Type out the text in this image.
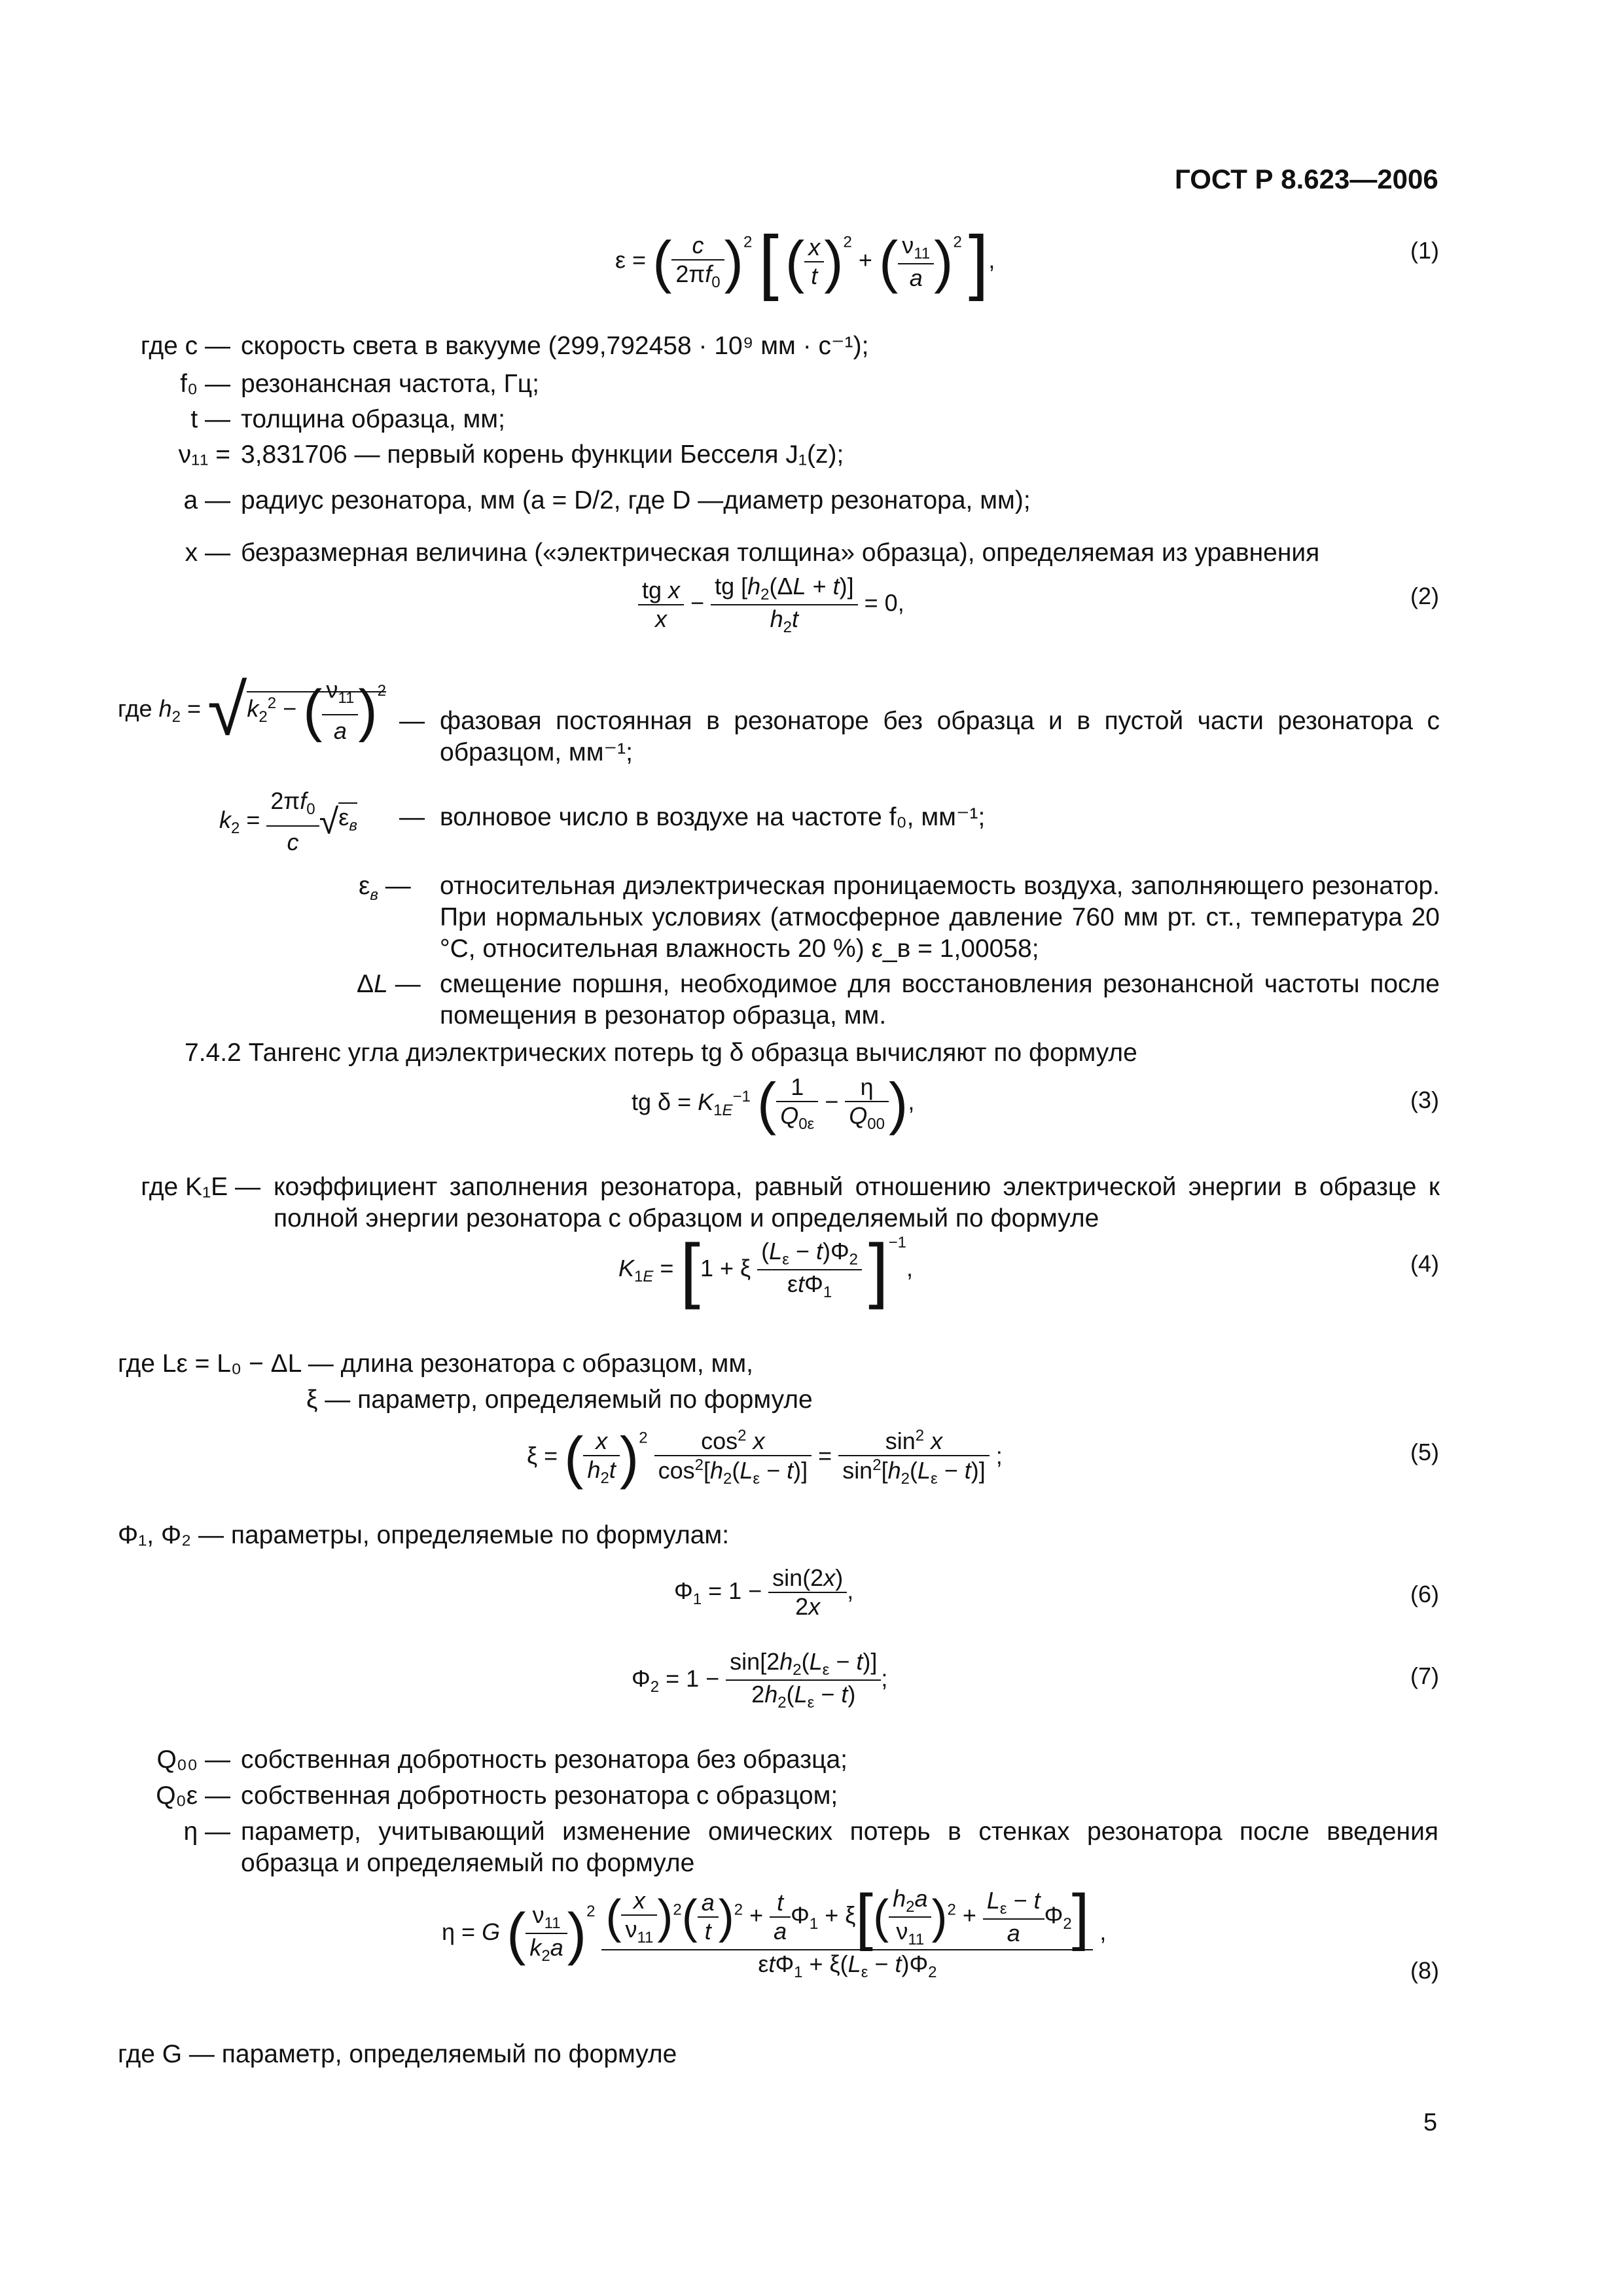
ГОСТ Р 8.623—2006
ε = ( $\frac{c}{2\pi f_0} )^2$ [ ( $\frac{x}{t} )^2$ + ( $\frac{\nu_{11}}{a} )^2$ ],	(1)
где c — скорость света в вакууме (299,792458 · 10⁹ мм · с⁻¹);
f₀ — резонансная частота, Гц;
t — толщина образца, мм;
ν₁₁ = 3,831706 — первый корень функции Бесселя J₁(z);
a — радиус резонатора, мм (a = D/2, где D —диаметр резонатора, мм);
x — безразмерная величина («электрическая толщина» образца), определяемая из уравнения
$\frac{\text{tg x}}{x} - \frac{tg [h_2(\Delta L + t)]}{h_2t} = 0$,	(2)
где $h_2 = √k_2^2$ − ( $\frac{\nu_{11}}{a} )^2$
— фазовая постоянная в резонаторе без образца и в пустой части резонатора с образцом, мм⁻¹;
$k_2 = \frac{2\pi f_0}{c} √\varepsilon_в$ — волновое число в воздухе на частоте f₀, мм⁻¹;
$\varepsilon_в$ — относительная диэлектрическая проницаемость воздуха, заполняющего резонатор. При нормальных условиях (атмосферное давление 760 мм рт. ст., температура 20 °С, относительная влажность 20 %) ε_в = 1,00058;
ΔL — смещение поршня, необходимое для восстановления резонансной частоты после помещения в резонатор образца, мм.
7.4.2 Тангенс угла диэлектрических потерь tg δ образца вычисляют по формуле
tg $\delta = K_{1E}^{-1}$ ( $\frac{1}{Q_{0\varepsilon}} - \frac{\eta}{Q_{00}}$ ),	(3)
где K₁E — коэффициент заполнения резонатора, равный отношению электрической энергии в образце к полной энергии резонатора с образцом и определяемый по формуле
$K_{1E} = [1 + \xi \frac{(L_\varepsilon - t)\Phi_2}{\varepsilon t\Phi_1} ]^{-1}$,	(4)
где Lε = L₀ − ΔL — длина резонатора с образцом, мм,
ξ — параметр, определяемый по формуле
ξ = ( $\frac{x}{h_2t} )^2 \frac{\cos^2 x}{\cos^2[h_2(L_\varepsilon - t)]} = \frac{\sin^2 x}{\sin^2[h_2(L_\varepsilon - t)]}$ ;	(5)
Φ₁, Φ₂ — параметры, определяемые по формулам:
$\Phi_1 = 1 - \frac{\sin(2x)}{2x}$ ,	(6)
$\Phi_2 = 1 - \frac{\sin[2h_2(L_\varepsilon - t)]}{2h_2(L_\varepsilon - t)}$ ;	(7)
Q₀₀ — собственная добротность резонатора без образца;
Q₀ε — собственная добротность резонатора с образцом;
η — параметр, учитывающий изменение омических потерь в стенках резонатора после введения образца и определяемый по формуле
η = G ( $\frac{\nu_{11}}{k_2a} )^2 \frac{( \frac{x}{\nu_{11}} )^2( \frac{a}{t} )^2 + \frac{t}{a} \Phi_1 + \xi[( \frac{h_2a}{\nu_{11}} )^2 + \frac{L_\varepsilon - t}{a} \Phi_2]}{\varepsilon t\Phi_1 + \xi(L_\varepsilon - t)\Phi_2}$ ,
(8)
где G — параметр, определяемый по формуле
5
